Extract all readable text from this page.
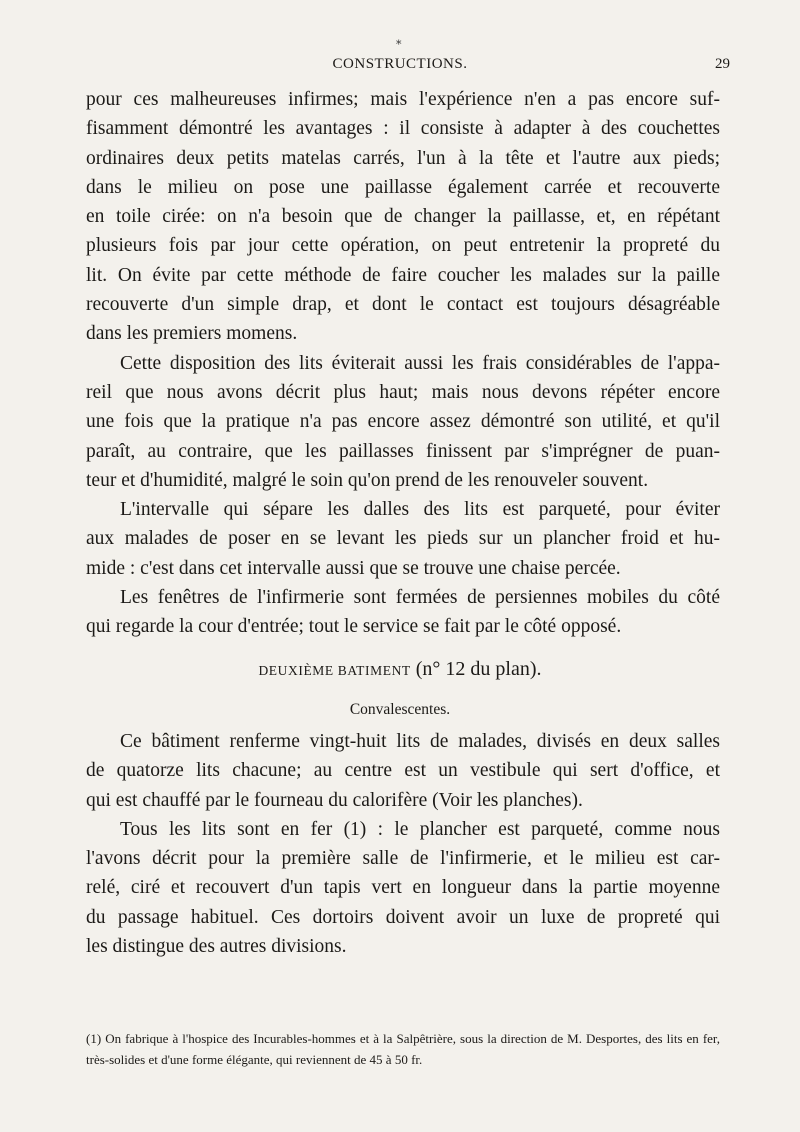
*
CONSTRUCTIONS.	29
pour ces malheureuses infirmes; mais l'expérience n'en a pas encore suf-
fisamment démontré les avantages : il consiste à adapter à des couchettes
ordinaires deux petits matelas carrés, l'un à la tête et l'autre aux pieds;
dans le milieu on pose une paillasse également carrée et recouverte
en toile cirée: on n'a besoin que de changer la paillasse, et, en répétant
plusieurs fois par jour cette opération, on peut entretenir la propreté du
lit. On évite par cette méthode de faire coucher les malades sur la paille
recouverte d'un simple drap, et dont le contact est toujours désagréable
dans les premiers momens.
Cette disposition des lits éviterait aussi les frais considérables de l'appa-
reil que nous avons décrit plus haut; mais nous devons répéter encore
une fois que la pratique n'a pas encore assez démontré son utilité, et qu'il
paraît, au contraire, que les paillasses finissent par s'imprégner de puan-
teur et d'humidité, malgré le soin qu'on prend de les renouveler souvent.
L'intervalle qui sépare les dalles des lits est parqueté, pour éviter
aux malades de poser en se levant les pieds sur un plancher froid et hu-
mide : c'est dans cet intervalle aussi que se trouve une chaise percée.
Les fenêtres de l'infirmerie sont fermées de persiennes mobiles du côté
qui regarde la cour d'entrée; tout le service se fait par le côté opposé.
DEUXIÈME BATIMENT (n° 12 du plan).
Convalescentes.
Ce bâtiment renferme vingt-huit lits de malades, divisés en deux salles
de quatorze lits chacune; au centre est un vestibule qui sert d'office, et
qui est chauffé par le fourneau du calorifère (Voir les planches).
Tous les lits sont en fer (1) : le plancher est parqueté, comme nous
l'avons décrit pour la première salle de l'infirmerie, et le milieu est car-
relé, ciré et recouvert d'un tapis vert en longueur dans la partie moyenne
du passage habituel. Ces dortoirs doivent avoir un luxe de propreté qui
les distingue des autres divisions.
(1) On fabrique à l'hospice des Incurables-hommes et à la Salpêtrière, sous la direction de M. Desportes, des lits en fer, très-solides et d'une forme élégante, qui reviennent de 45 à 50 fr.
